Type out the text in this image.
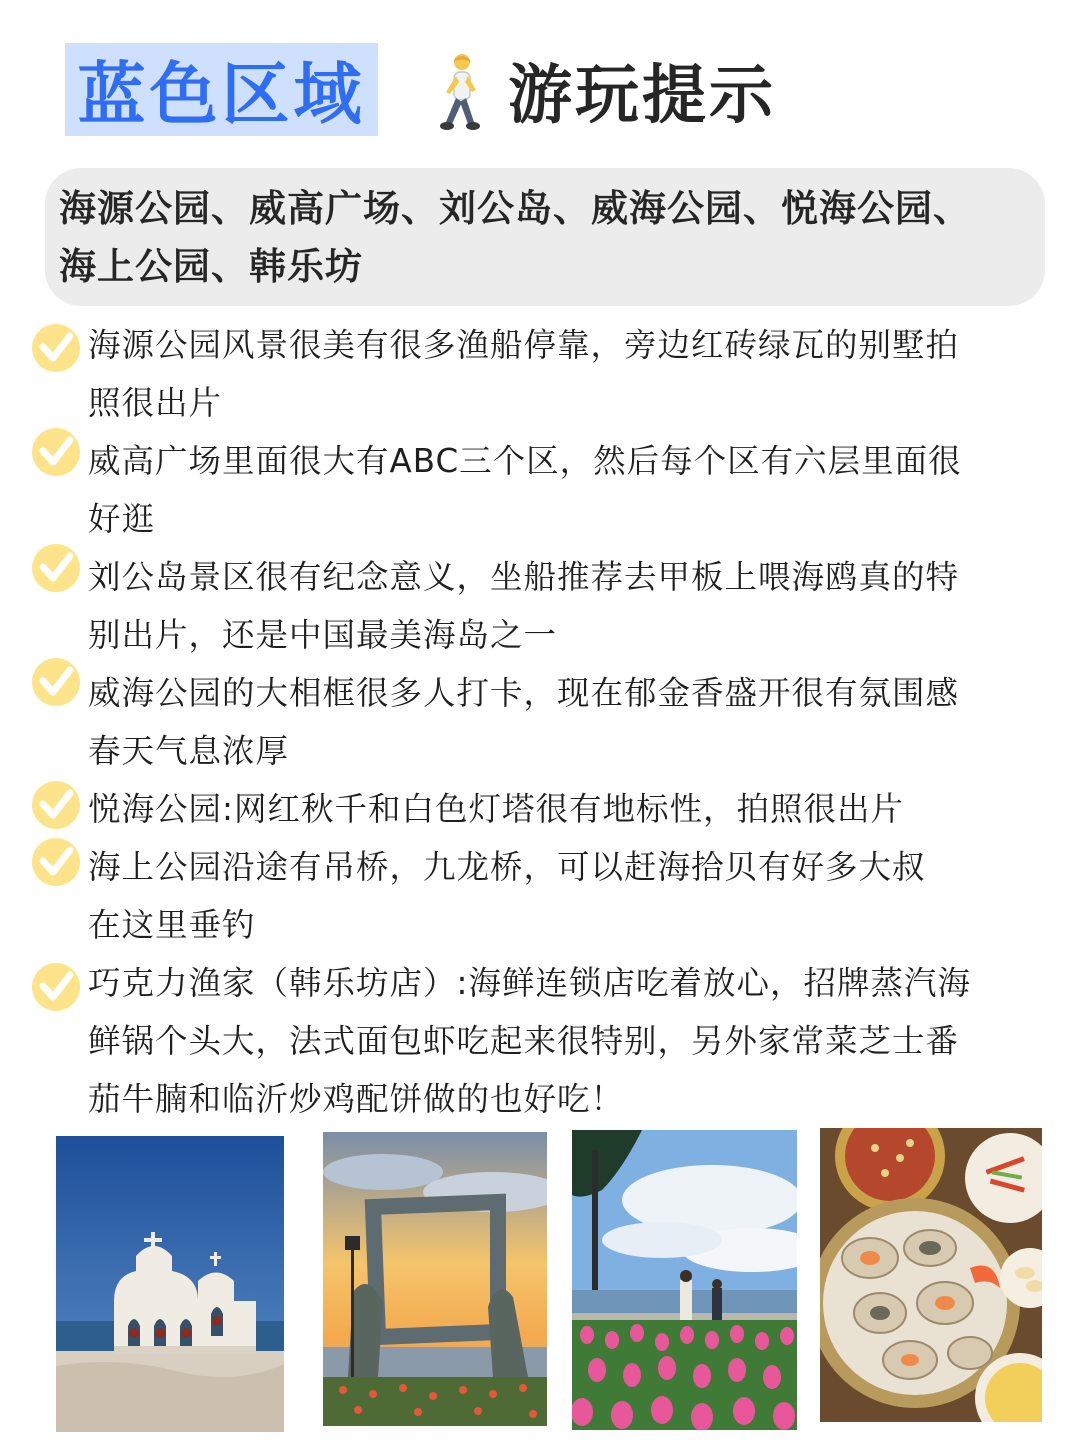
蓝色区域 游玩提示
海源公园、威高广场、刘公岛、威海公园、悦海公园、
海上公园、韩乐坊
海源公园风景很美有很多渔船停靠，旁边红砖绿瓦的别墅拍
照很出片
威高广场里面很大有ABC三个区，然后每个区有六层里面很
好逛
刘公岛景区很有纪念意义，坐船推荐去甲板上喂海鸥真的特
别出片，还是中国最美海岛之一
威海公园的大相框很多人打卡，现在郁金香盛开很有氛围感
春天气息浓厚
悦海公园:网红秋千和白色灯塔很有地标性，拍照很出片
海上公园沿途有吊桥，九龙桥，可以赶海拾贝有好多大叔
在这里垂钓
巧克力渔家（韩乐坊店）:海鲜连锁店吃着放心，招牌蒸汽海
鲜锅个头大，法式面包虾吃起来很特别，另外家常菜芝士番
茄牛腩和临沂炒鸡配饼做的也好吃！
